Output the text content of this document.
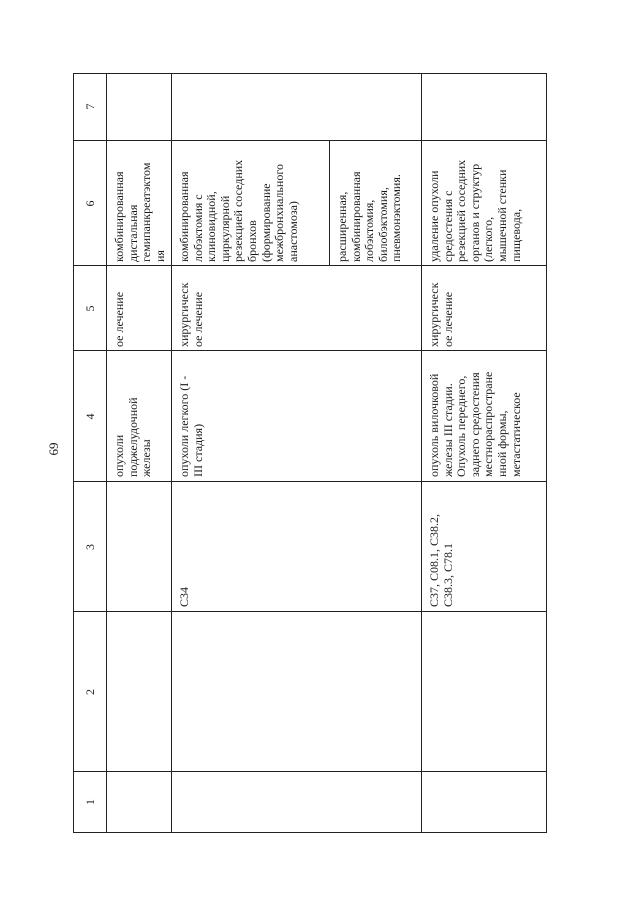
69
1
2
3
4
5
6
7
опухоли поджелудочной железы
ое лечение
комбинированная дистальная гемипанкреатэктом ия
C34
опухоли легкого (I - III стадия)
хирургическ ое лечение
комбинированная лобэктомия с клиновидной, циркулярной резекцией соседних бронхов (формирование межбронхиального анастомоза)	расширенная, комбинированная лобэктомия, билобэктомия, пневмонэктомия.
C37, C08.1, C38.2, C38.3, C78.1
опухоль вилочковой железы III стадии. Опухоль переднего, заднего средостения местнораспростране нной формы, метастатическое
хирургическ ое лечение
удаление опухоли средостения с резекцией соседних органов и структур (легкого, мышечной стенки пищевода,
